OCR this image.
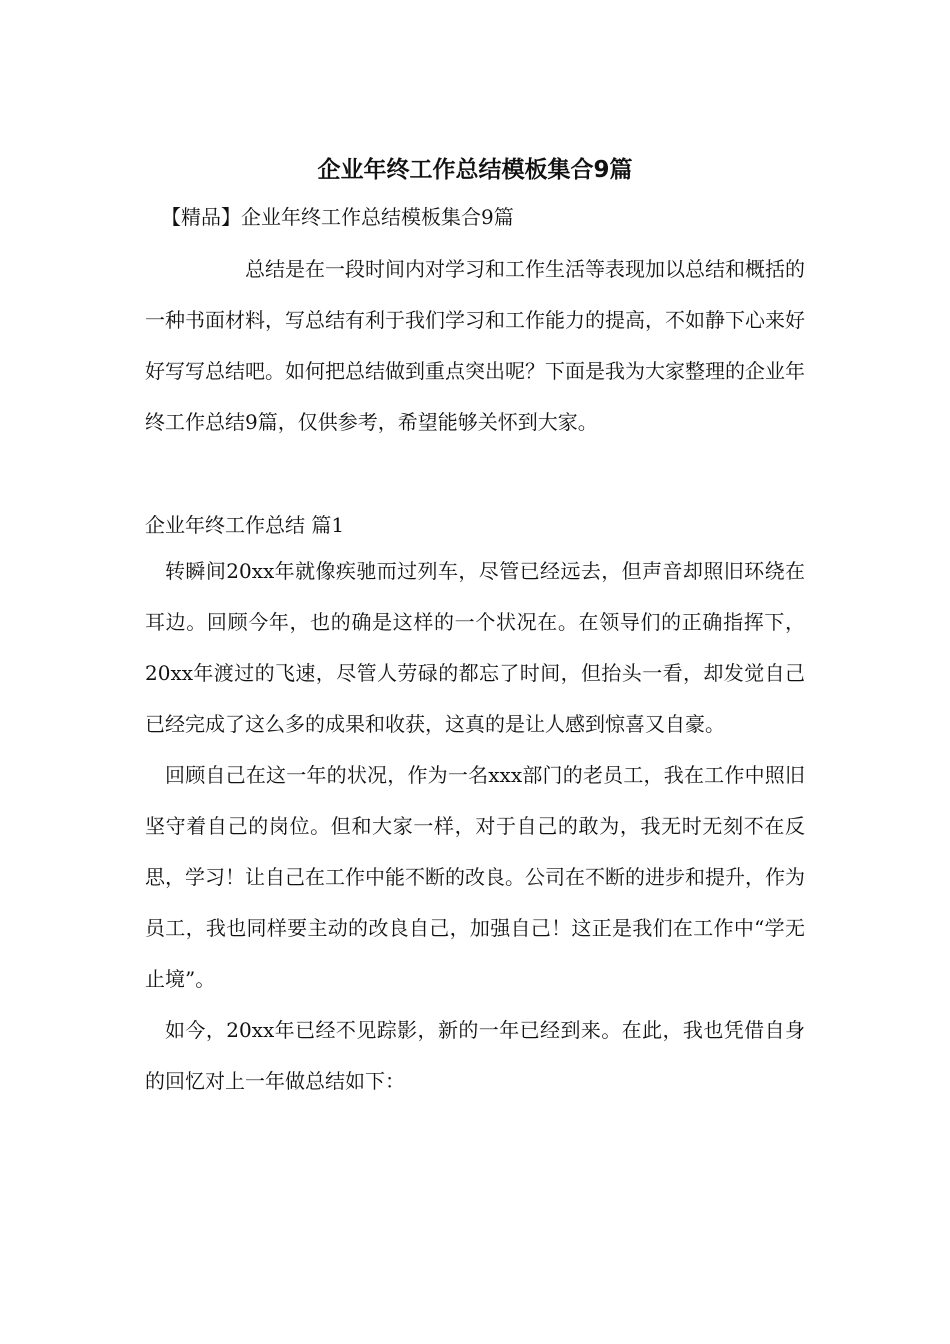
企业年终工作总结模板集合9篇

【精品】企业年终工作总结模板集合9篇

总结是在一段时间内对学习和工作生活等表现加以总结和概括的一种书面材料，写总结有利于我们学习和工作能力的提高，不如静下心来好好写写总结吧。如何把总结做到重点突出呢？下面是我为大家整理的企业年终工作总结9篇，仅供参考，希望能够关怀到大家。

企业年终工作总结 篇1

转瞬间20xx年就像疾驰而过列车，尽管已经远去，但声音却照旧环绕在耳边。回顾今年，也的确是这样的一个状况在。在领导们的正确指挥下，20xx年渡过的飞速，尽管人劳碌的都忘了时间，但抬头一看，却发觉自己已经完成了这么多的成果和收获，这真的是让人感到惊喜又自豪。

回顾自己在这一年的状况，作为一名xxx部门的老员工，我在工作中照旧坚守着自己的岗位。但和大家一样，对于自己的敢为，我无时无刻不在反思，学习！让自己在工作中能不断的改良。公司在不断的进步和提升，作为员工，我也同样要主动的改良自己，加强自己！这正是我们在工作中“学无止境”。

如今，20xx年已经不见踪影，新的一年已经到来。在此，我也凭借自身的回忆对上一年做总结如下：
